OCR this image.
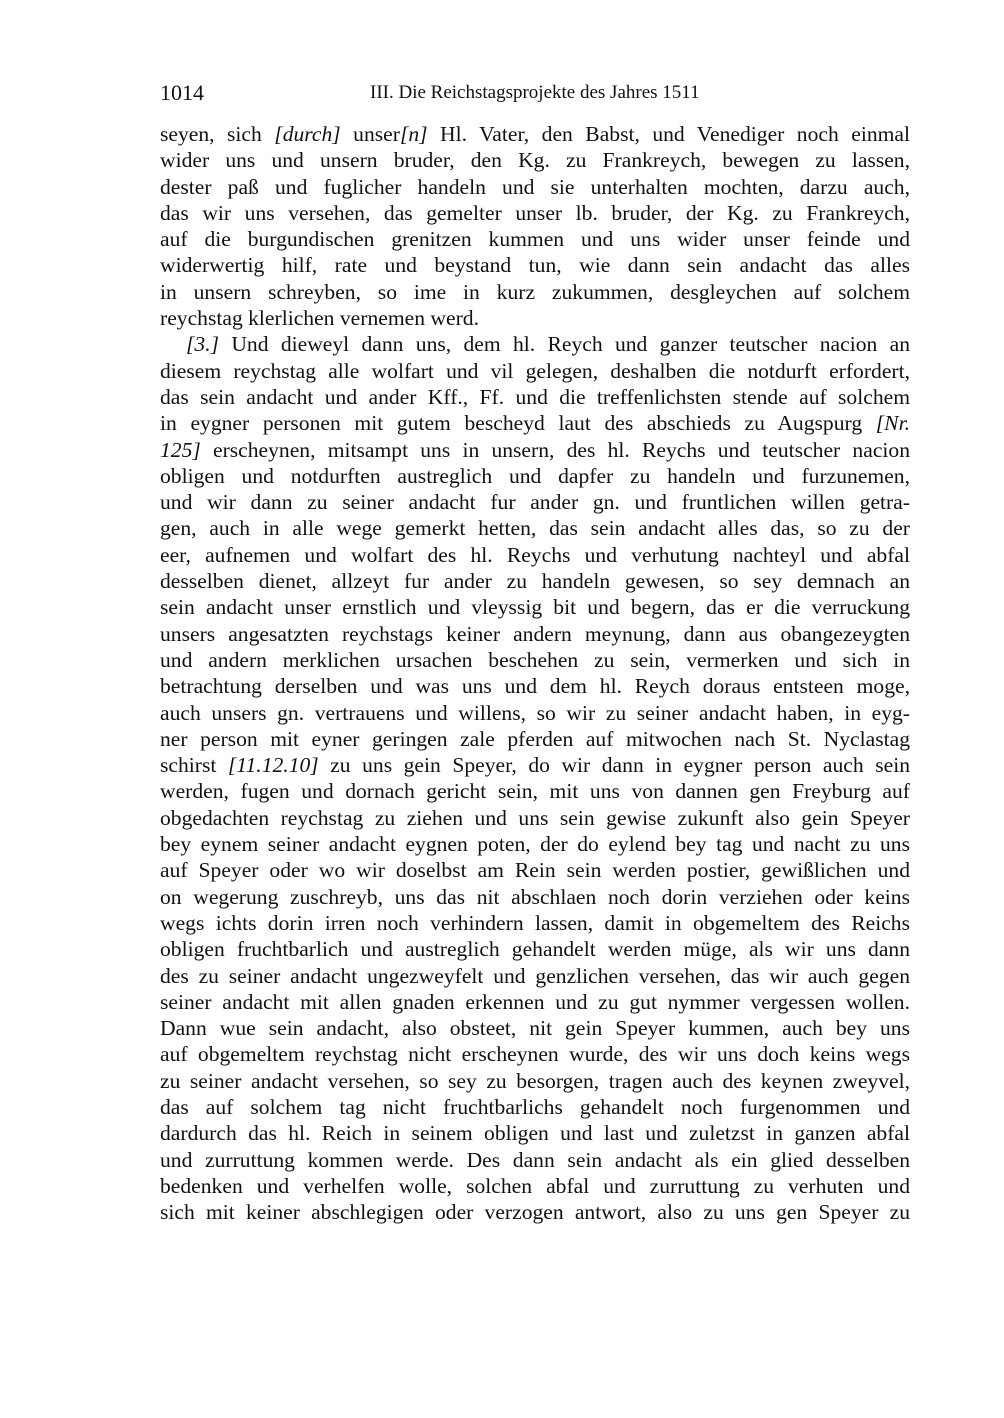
1014	III. Die Reichstagsprojekte des Jahres 1511
seyen, sich [durch] unser[n] Hl. Vater, den Babst, und Venediger noch einmal
wider uns und unsern bruder, den Kg. zu Frankreych, bewegen zu lassen,
dester paß und fuglicher handeln und sie unterhalten mochten, darzu auch,
das wir uns versehen, das gemelter unser lb. bruder, der Kg. zu Frankreych,
auf die burgundischen grenitzen kummen und uns wider unser feinde und
widerwertig hilf, rate und beystand tun, wie dann sein andacht das alles
in unsern schreyben, so ime in kurz zukummen, desgleychen auf solchem
reychstag klerlichen vernemen werd.
[3.] Und dieweyl dann uns, dem hl. Reych und ganzer teutscher nacion an
diesem reychstag alle wolfart und vil gelegen, deshalben die notdurft erfordert,
das sein andacht und ander Kff., Ff. und die treffenlichsten stende auf solchem
in eygner personen mit gutem bescheyd laut des abschieds zu Augspurg [Nr.
125] erscheynen, mitsampt uns in unsern, des hl. Reychs und teutscher nacion
obligen und notdurften austreglich und dapfer zu handeln und furzunemen,
und wir dann zu seiner andacht fur ander gn. und fruntlichen willen getra-
gen, auch in alle wege gemerkt hetten, das sein andacht alles das, so zu der
eer, aufnemen und wolfart des hl. Reychs und verhutung nachteyl und abfal
desselben dienet, allzeyt fur ander zu handeln gewesen, so sey demnach an
sein andacht unser ernstlich und vleyssig bit und begern, das er die verruckung
unsers angesatzten reychstags keiner andern meynung, dann aus obangezeygten
und andern merklichen ursachen beschehen zu sein, vermerken und sich in
betrachtung derselben und was uns und dem hl. Reych doraus entsteen moge,
auch unsers gn. vertrauens und willens, so wir zu seiner andacht haben, in eyg-
ner person mit eyner geringen zale pferden auf mitwochen nach St. Nyclastag
schirst [11.12.10] zu uns gein Speyer, do wir dann in eygner person auch sein
werden, fugen und dornach gericht sein, mit uns von dannen gen Freyburg auf
obgedachten reychstag zu ziehen und uns sein gewise zukunft also gein Speyer
bey eynem seiner andacht eygnen poten, der do eylend bey tag und nacht zu uns
auf Speyer oder wo wir doselbst am Rein sein werden postier, gewißlichen und
on wegerung zuschreyb, uns das nit abschlaen noch dorin verziehen oder keins
wegs ichts dorin irren noch verhindern lassen, damit in obgemeltem des Reichs
obligen fruchtbarlich und austreglich gehandelt werden müge, als wir uns dann
des zu seiner andacht ungezweyfelt und genzlichen versehen, das wir auch gegen
seiner andacht mit allen gnaden erkennen und zu gut nymmer vergessen wollen.
Dann wue sein andacht, also obsteet, nit gein Speyer kummen, auch bey uns
auf obgemeltem reychstag nicht erscheynen wurde, des wir uns doch keins wegs
zu seiner andacht versehen, so sey zu besorgen, tragen auch des keynen zweyvel,
das auf solchem tag nicht fruchtbarlichs gehandelt noch furgenommen und
dardurch das hl. Reich in seinem obligen und last und zuletzst in ganzen abfal
und zurruttung kommen werde. Des dann sein andacht als ein glied desselben
bedenken und verhelfen wolle, solchen abfal und zurruttung zu verhuten und
sich mit keiner abschlegigen oder verzogen antwort, also zu uns gen Speyer zu
